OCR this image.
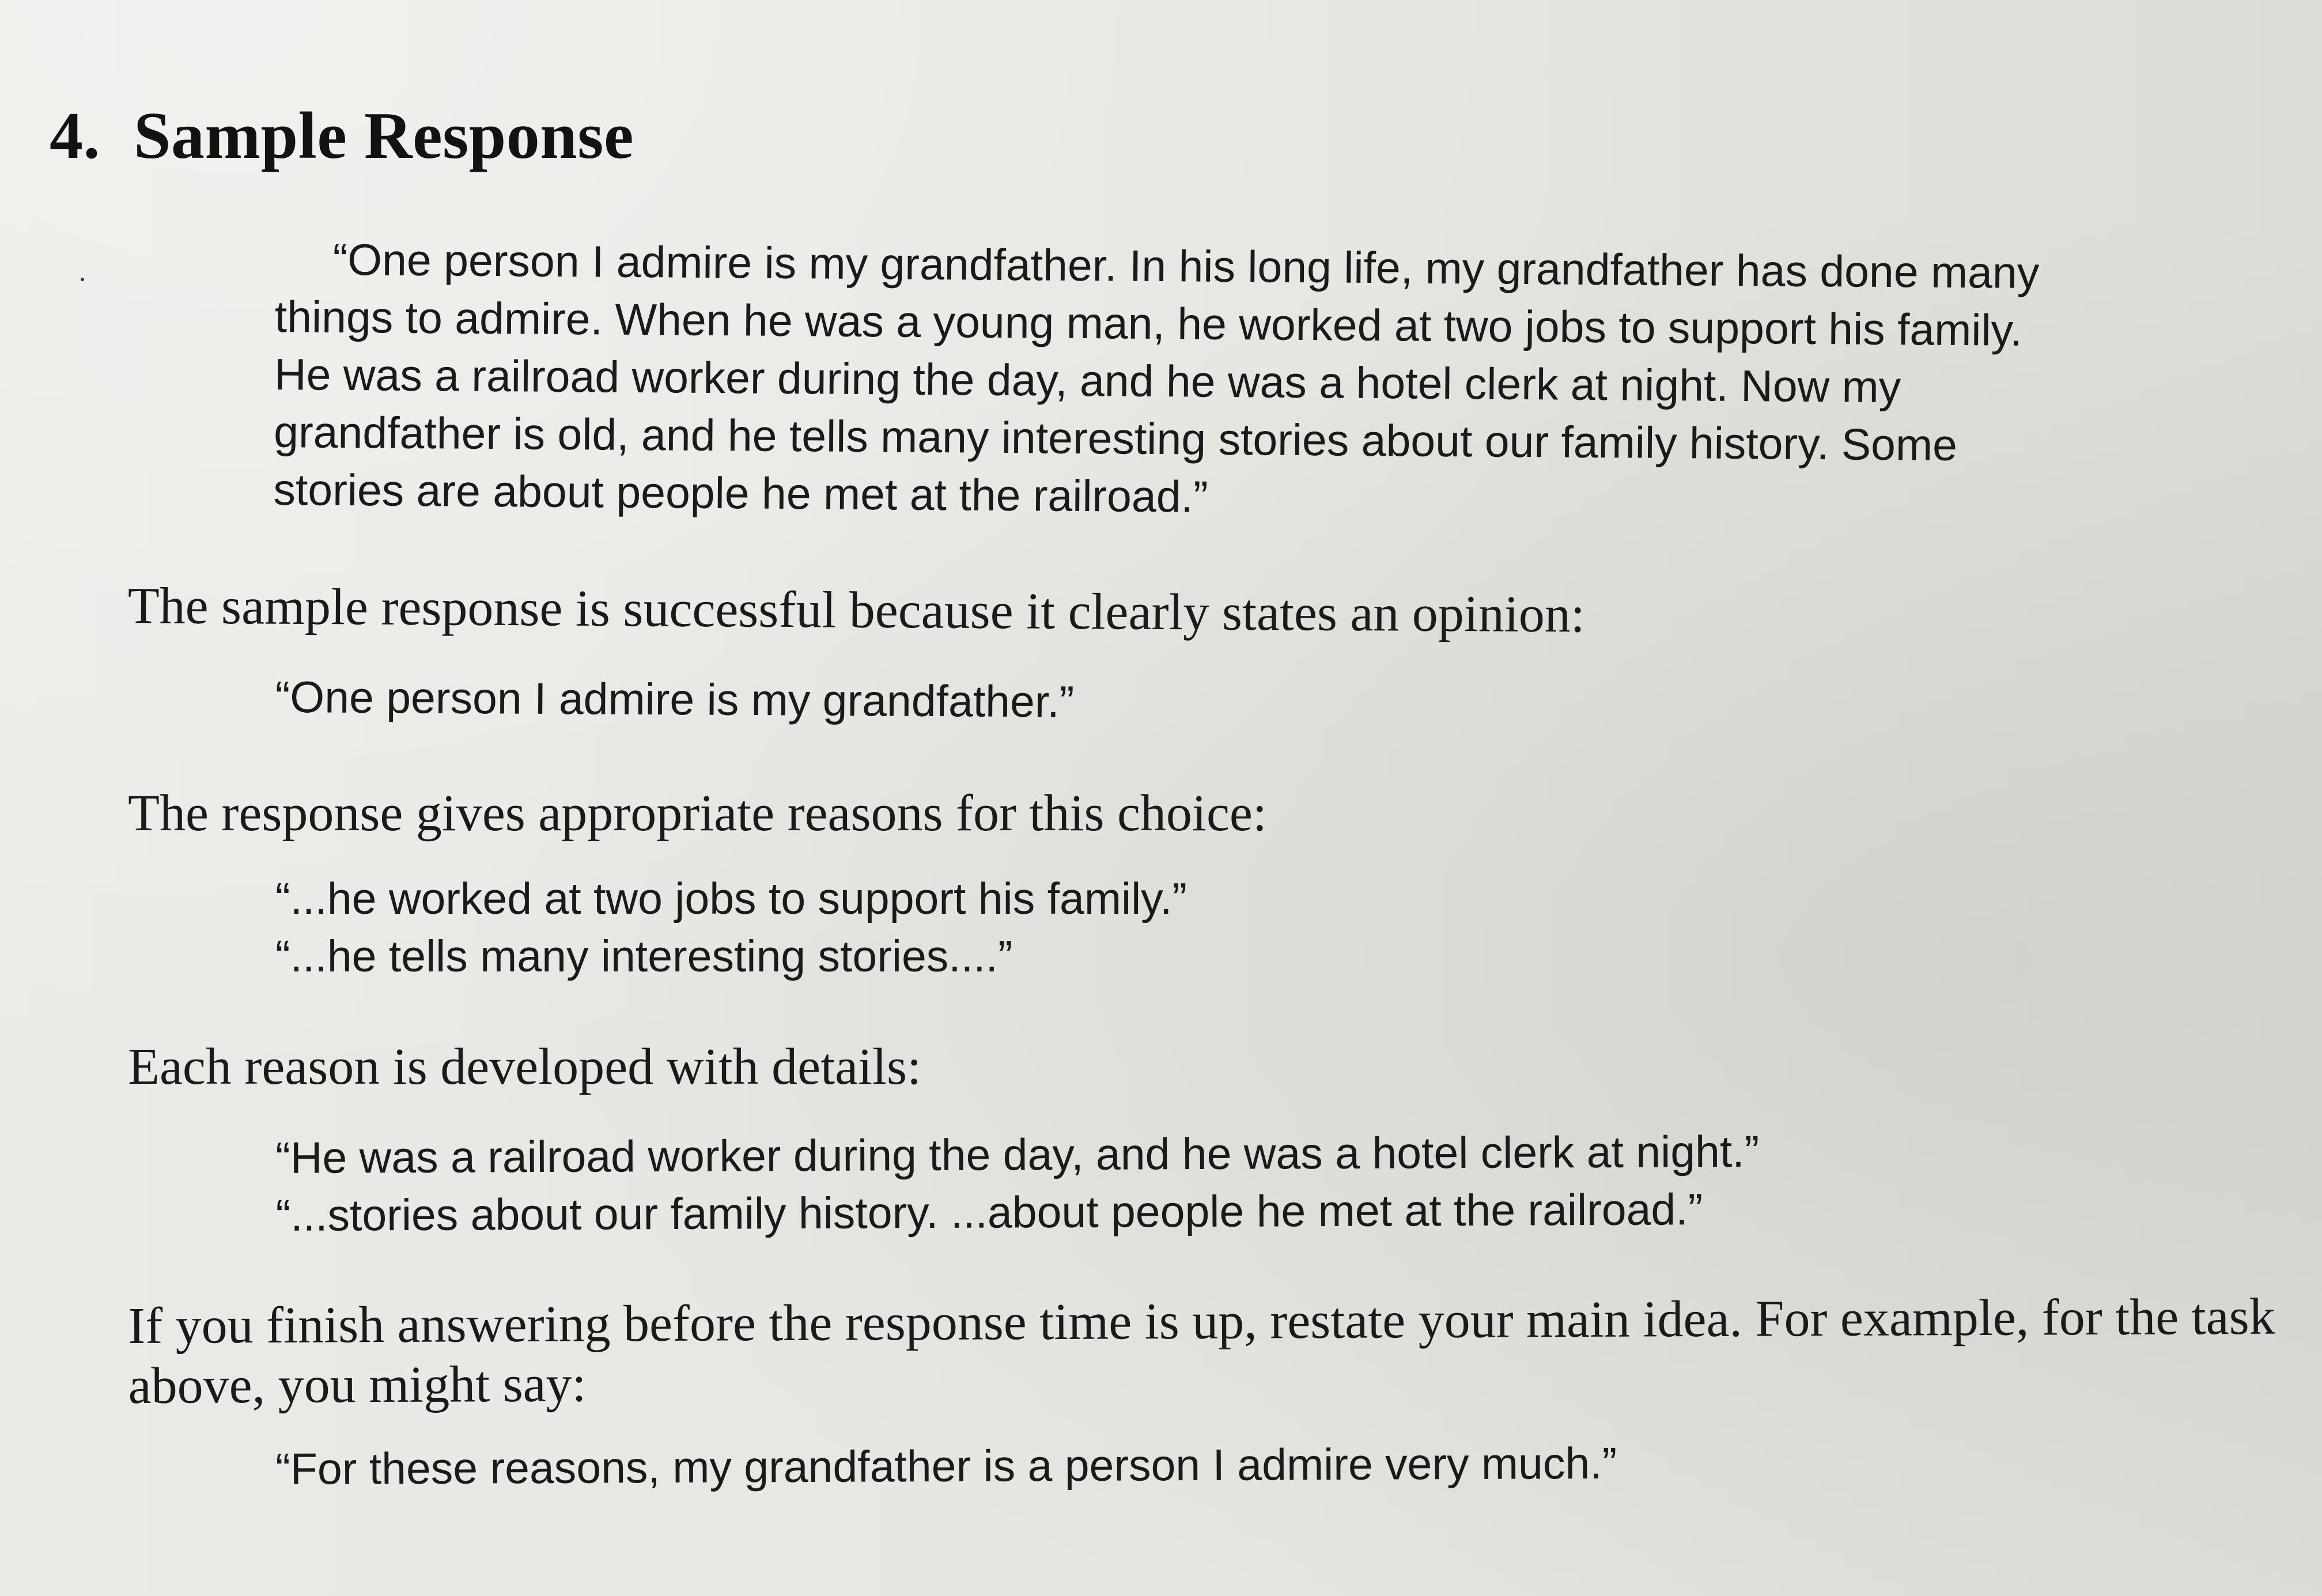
4. Sample Response
“One person I admire is my grandfather. In his long life, my grandfather has done many
things to admire. When he was a young man, he worked at two jobs to support his family.
He was a railroad worker during the day, and he was a hotel clerk at night. Now my
grandfather is old, and he tells many interesting stories about our family history. Some
stories are about people he met at the railroad.”
The sample response is successful because it clearly states an opinion:
“One person I admire is my grandfather.”
The response gives appropriate reasons for this choice:
“...he worked at two jobs to support his family.”
“...he tells many interesting stories....”
Each reason is developed with details:
“He was a railroad worker during the day, and he was a hotel clerk at night.”
“...stories about our family history. ...about people he met at the railroad.”
If you finish answering before the response time is up, restate your main idea. For example, for the task
above, you might say:
“For these reasons, my grandfather is a person I admire very much.”
